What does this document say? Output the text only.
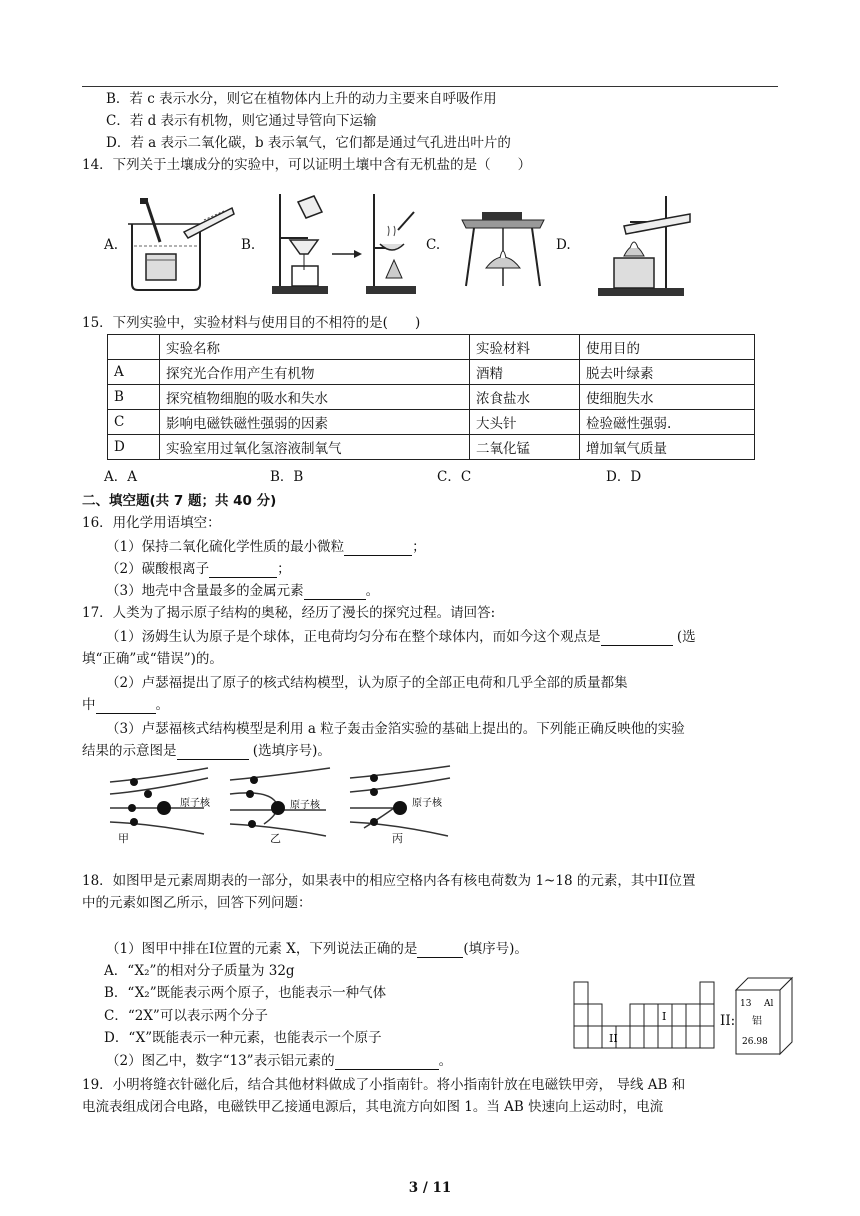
B．若 c 表示水分，则它在植物体内上升的动力主要来自呼吸作用
C．若 d 表示有机物，则它通过导管向下运输
D．若 a 表示二氧化碳，b 表示氧气，它们都是通过气孔进出叶片的
14．下列关于土壤成分的实验中，可以证明土壤中含有无机盐的是（　　）
A.	B.	C.	D.
15．下列实验中，实验材料与使用目的不相符的是(　　)
	实验名称	实验材料	使用目的
A	探究光合作用产生有机物	酒精	脱去叶绿素
B	探究植物细胞的吸水和失水	浓食盐水	使细胞失水
C	影响电磁铁磁性强弱的因素	大头针	检验磁性强弱.
D	实验室用过氧化氢溶液制氧气	二氧化锰	增加氧气质量
A．A	B．B	C．C	D．D
二、填空题(共 7 题；共 40 分)
16．用化学用语填空：
（1）保持二氧化硫化学性质的最小微粒	；
（2）碳酸根离子	；
（3）地壳中含量最多的金属元素	。
17．人类为了揭示原子结构的奥秘，经历了漫长的探究过程。请回答:
（1）汤姆生认为原子是个球体，正电荷均匀分布在整个球体内，而如今这个观点是	(选
填“正确”或“错误”)的。
（2）卢瑟福提出了原子的核式结构模型，认为原子的全部正电荷和几乎全部的质量都集
中	。
（3）卢瑟福核式结构模型是利用 a 粒子轰击金箔实验的基础上提出的。下列能正确反映他的实验
结果的示意图是	(选填序号)。
原子核
甲
原子核
乙
原子核
丙
18．如图甲是元素周期表的一部分，如果表中的相应空格内各有核电荷数为 1~18 的元素，其中II位置
中的元素如图乙所示，回答下列问题：
（1）图甲中排在I位置的元素 X，下列说法正确的是	(填序号)。
A．“X₂”的相对分子质量为 32g
B．“X₂”既能表示两个原子，也能表示一种气体
C．“2X”可以表示两个分子
D．“X”既能表示一种元素，也能表示一个原子
（2）图乙中，数字“13”表示铝元素的	。
I
II
II:
13 Al
铝
26.98
19．小明将缝衣针磁化后，结合其他材料做成了小指南针。将小指南针放在电磁铁甲旁， 导线 AB 和
电流表组成闭合电路，电磁铁甲乙接通电源后，其电流方向如图 1。当 AB 快速向上运动时，电流
3 / 11
